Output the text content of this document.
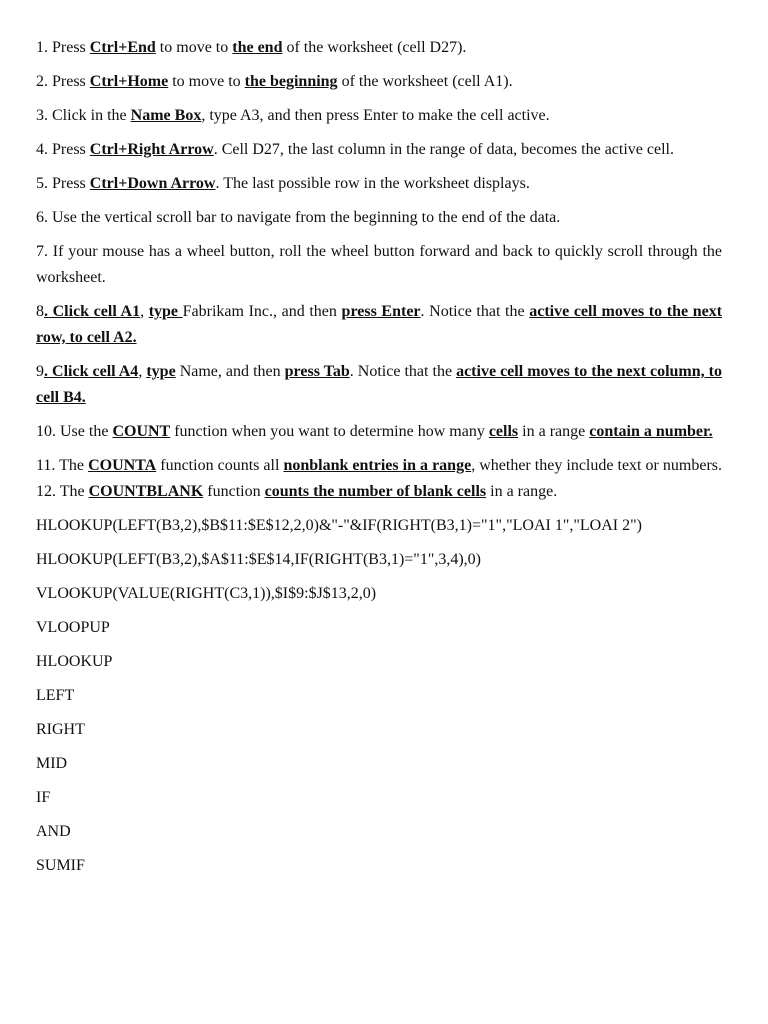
1. Press Ctrl+End to move to the end of the worksheet (cell D27).

2. Press Ctrl+Home to move to the beginning of the worksheet (cell A1).

3. Click in the Name Box, type A3, and then press Enter to make the cell active.

4. Press Ctrl+Right Arrow. Cell D27, the last column in the range of data, becomes the active cell.

5. Press Ctrl+Down Arrow. The last possible row in the worksheet displays.

6. Use the vertical scroll bar to navigate from the beginning to the end of the data.

7. If your mouse has a wheel button, roll the wheel button forward and back to quickly scroll through the worksheet.

8. Click cell A1, type Fabrikam Inc., and then press Enter. Notice that the active cell moves to the next row, to cell A2.

9. Click cell A4, type Name, and then press Tab. Notice that the active cell moves to the next column, to cell B4.

10. Use the COUNT function when you want to determine how many cells in a range contain a number.

11. The COUNTA function counts all nonblank entries in a range, whether they include text or numbers. 12. The COUNTBLANK function counts the number of blank cells in a range.

HLOOKUP(LEFT(B3,2),$B$11:$E$12,2,0)&"-"&IF(RIGHT(B3,1)="1","LOAI 1","LOAI 2")

HLOOKUP(LEFT(B3,2),$A$11:$E$14,IF(RIGHT(B3,1)="1",3,4),0)

VLOOKUP(VALUE(RIGHT(C3,1)),$I$9:$J$13,2,0)

VLOOPUP

HLOOKUP

LEFT

RIGHT

MID

IF

AND

SUMIF
